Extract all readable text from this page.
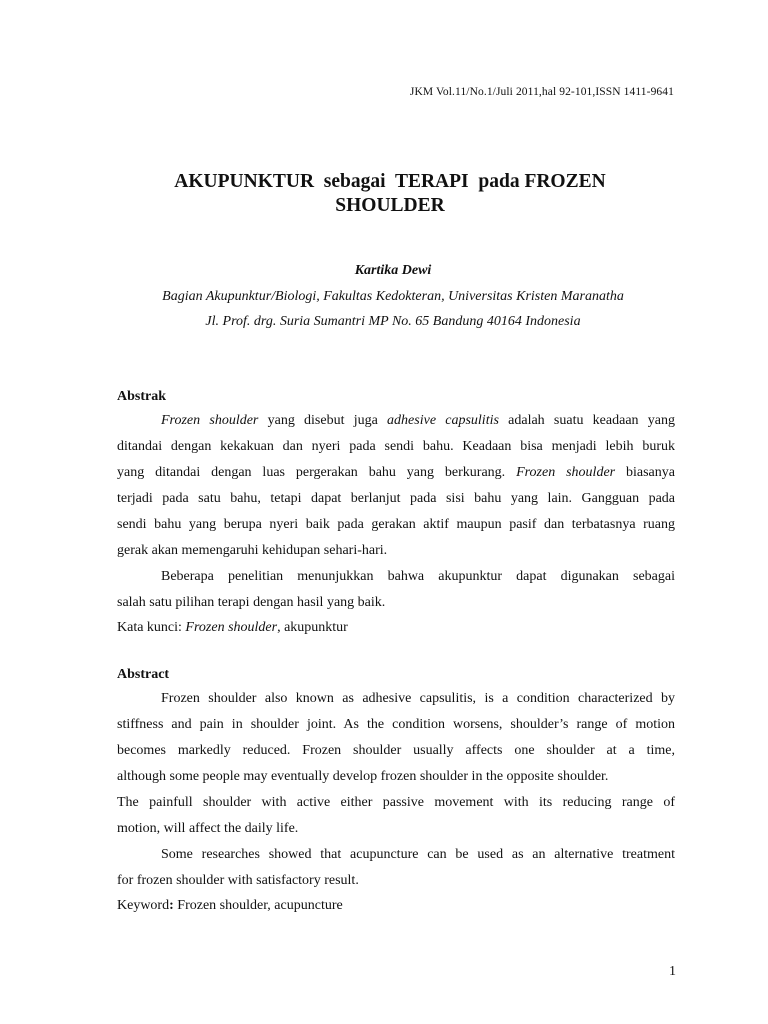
JKM Vol.11/No.1/Juli 2011,hal 92-101,ISSN 1411-9641
AKUPUNKTUR  sebagai  TERAPI  pada FROZEN
SHOULDER
Kartika Dewi
Bagian Akupunktur/Biologi, Fakultas Kedokteran, Universitas Kristen Maranatha
Jl. Prof. drg. Suria Sumantri MP No. 65 Bandung 40164 Indonesia
Abstrak
Frozen shoulder yang disebut juga adhesive capsulitis adalah suatu keadaan yang
ditandai dengan kekakuan dan nyeri pada sendi bahu. Keadaan bisa menjadi lebih buruk
yang ditandai dengan luas pergerakan bahu yang berkurang. Frozen shoulder biasanya
terjadi pada satu bahu, tetapi dapat berlanjut pada sisi bahu yang lain. Gangguan pada
sendi bahu yang berupa nyeri baik pada gerakan aktif maupun pasif dan terbatasnya ruang
gerak akan memengaruhi kehidupan sehari-hari.
Beberapa penelitian menunjukkan bahwa akupunktur dapat digunakan sebagai
salah satu pilihan terapi dengan hasil yang baik.
Kata kunci: Frozen shoulder, akupunktur
Abstract
Frozen shoulder also known as adhesive capsulitis, is a condition characterized by
stiffness and pain in shoulder joint. As the condition worsens, shoulder’s range of motion
becomes markedly reduced. Frozen shoulder usually affects one shoulder at a time,
although some people may eventually develop frozen shoulder in the opposite shoulder.
The painfull shoulder with active either passive movement with its reducing range of
motion, will affect the daily life.
Some researches showed that acupuncture can be used as an alternative treatment
for frozen shoulder with satisfactory result.
Keyword: Frozen shoulder, acupuncture
1
